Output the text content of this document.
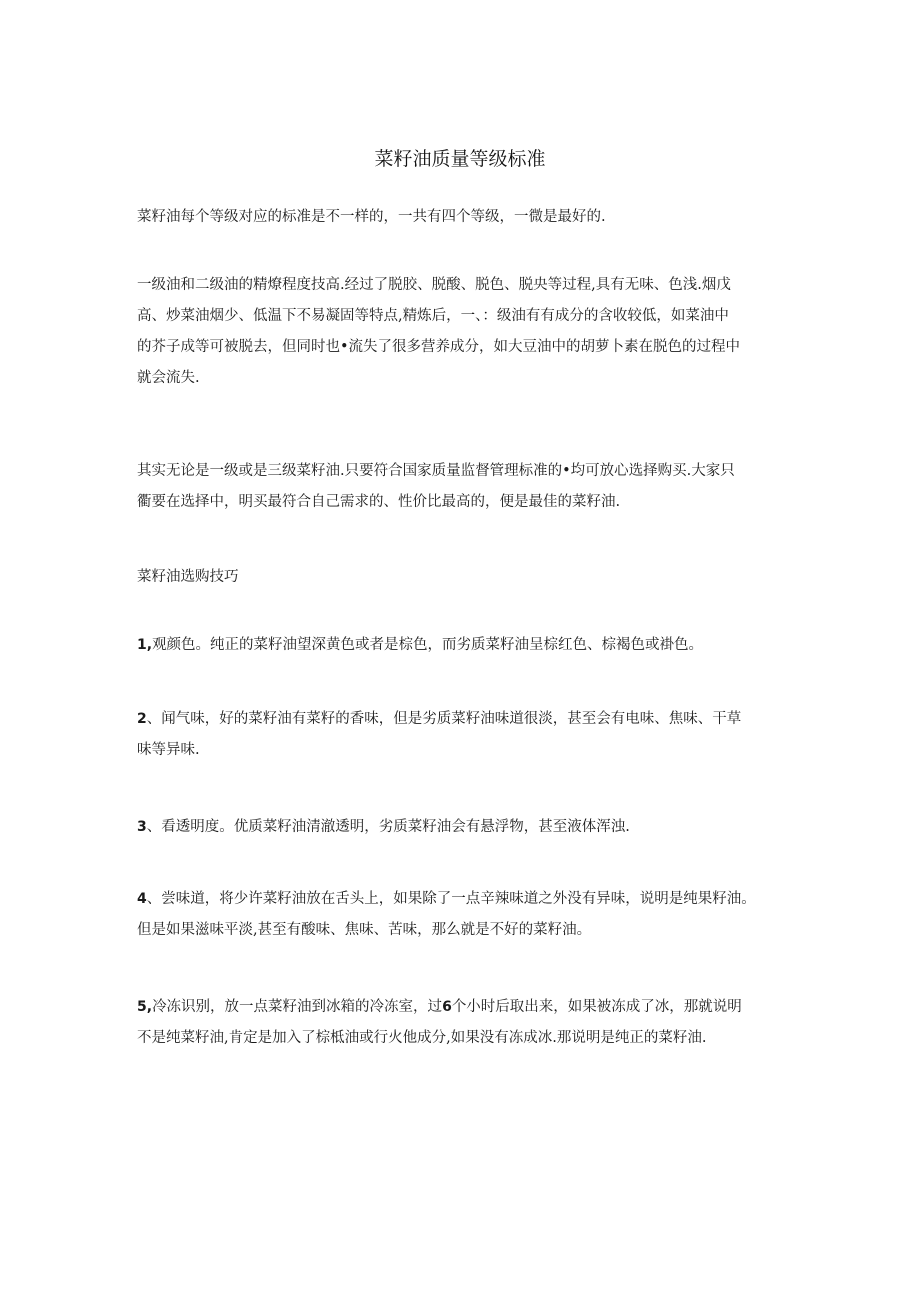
菜籽油质量等级标准

菜籽油每个等级对应的标准是不一样的，一共有四个等级，一微是最好的.

一级油和二级油的精燎程度技高.经过了脱胶、脱酸、脱色、脱央等过程,具有无味、色浅.烟戊
高、炒菜油烟少、低温下不易凝固等特点,精炼后，一、：级油有有成分的含收较低，如菜油中
的芥子成等可被脱去，但同时也•流失了很多营养成分，如大豆油中的胡萝卜素在脱色的过程中
就会流失.

其实无论是一级或是三级菜籽油.只要符合国家质量监督管理标准的•均可放心选择购买.大家只
衢要在选择中，明买最符合自己需求的、性价比最高的，便是最佳的菜籽油.

菜籽油选购技巧

1,观颜色。纯正的菜籽油望深黄色或者是棕色，而劣质菜籽油呈棕红色、棕褐色或褂色。

2、闻气味，好的菜籽油有菜籽的香味，但是劣质菜籽油味道很淡，甚至会有电味、焦味、干草
味等异味.

3、看透明度。优质菜籽油清澈透明，劣质菜籽油会有悬浮物，甚至液体浑浊.

4、尝味道，将少许菜籽油放在舌头上，如果除了一点辛辣味道之外没有异味，说明是纯果籽油。
但是如果滋味平淡,甚至有酸味、焦味、苦味，那么就是不好的菜籽油。

5,冷冻识别，放一点菜籽油到冰箱的冷冻室，过6个小时后取出来，如果被冻成了冰，那就说明
不是纯菜籽油,肯定是加入了棕柢油或行火他成分,如果没有冻成冰.那说明是纯正的菜籽油.
